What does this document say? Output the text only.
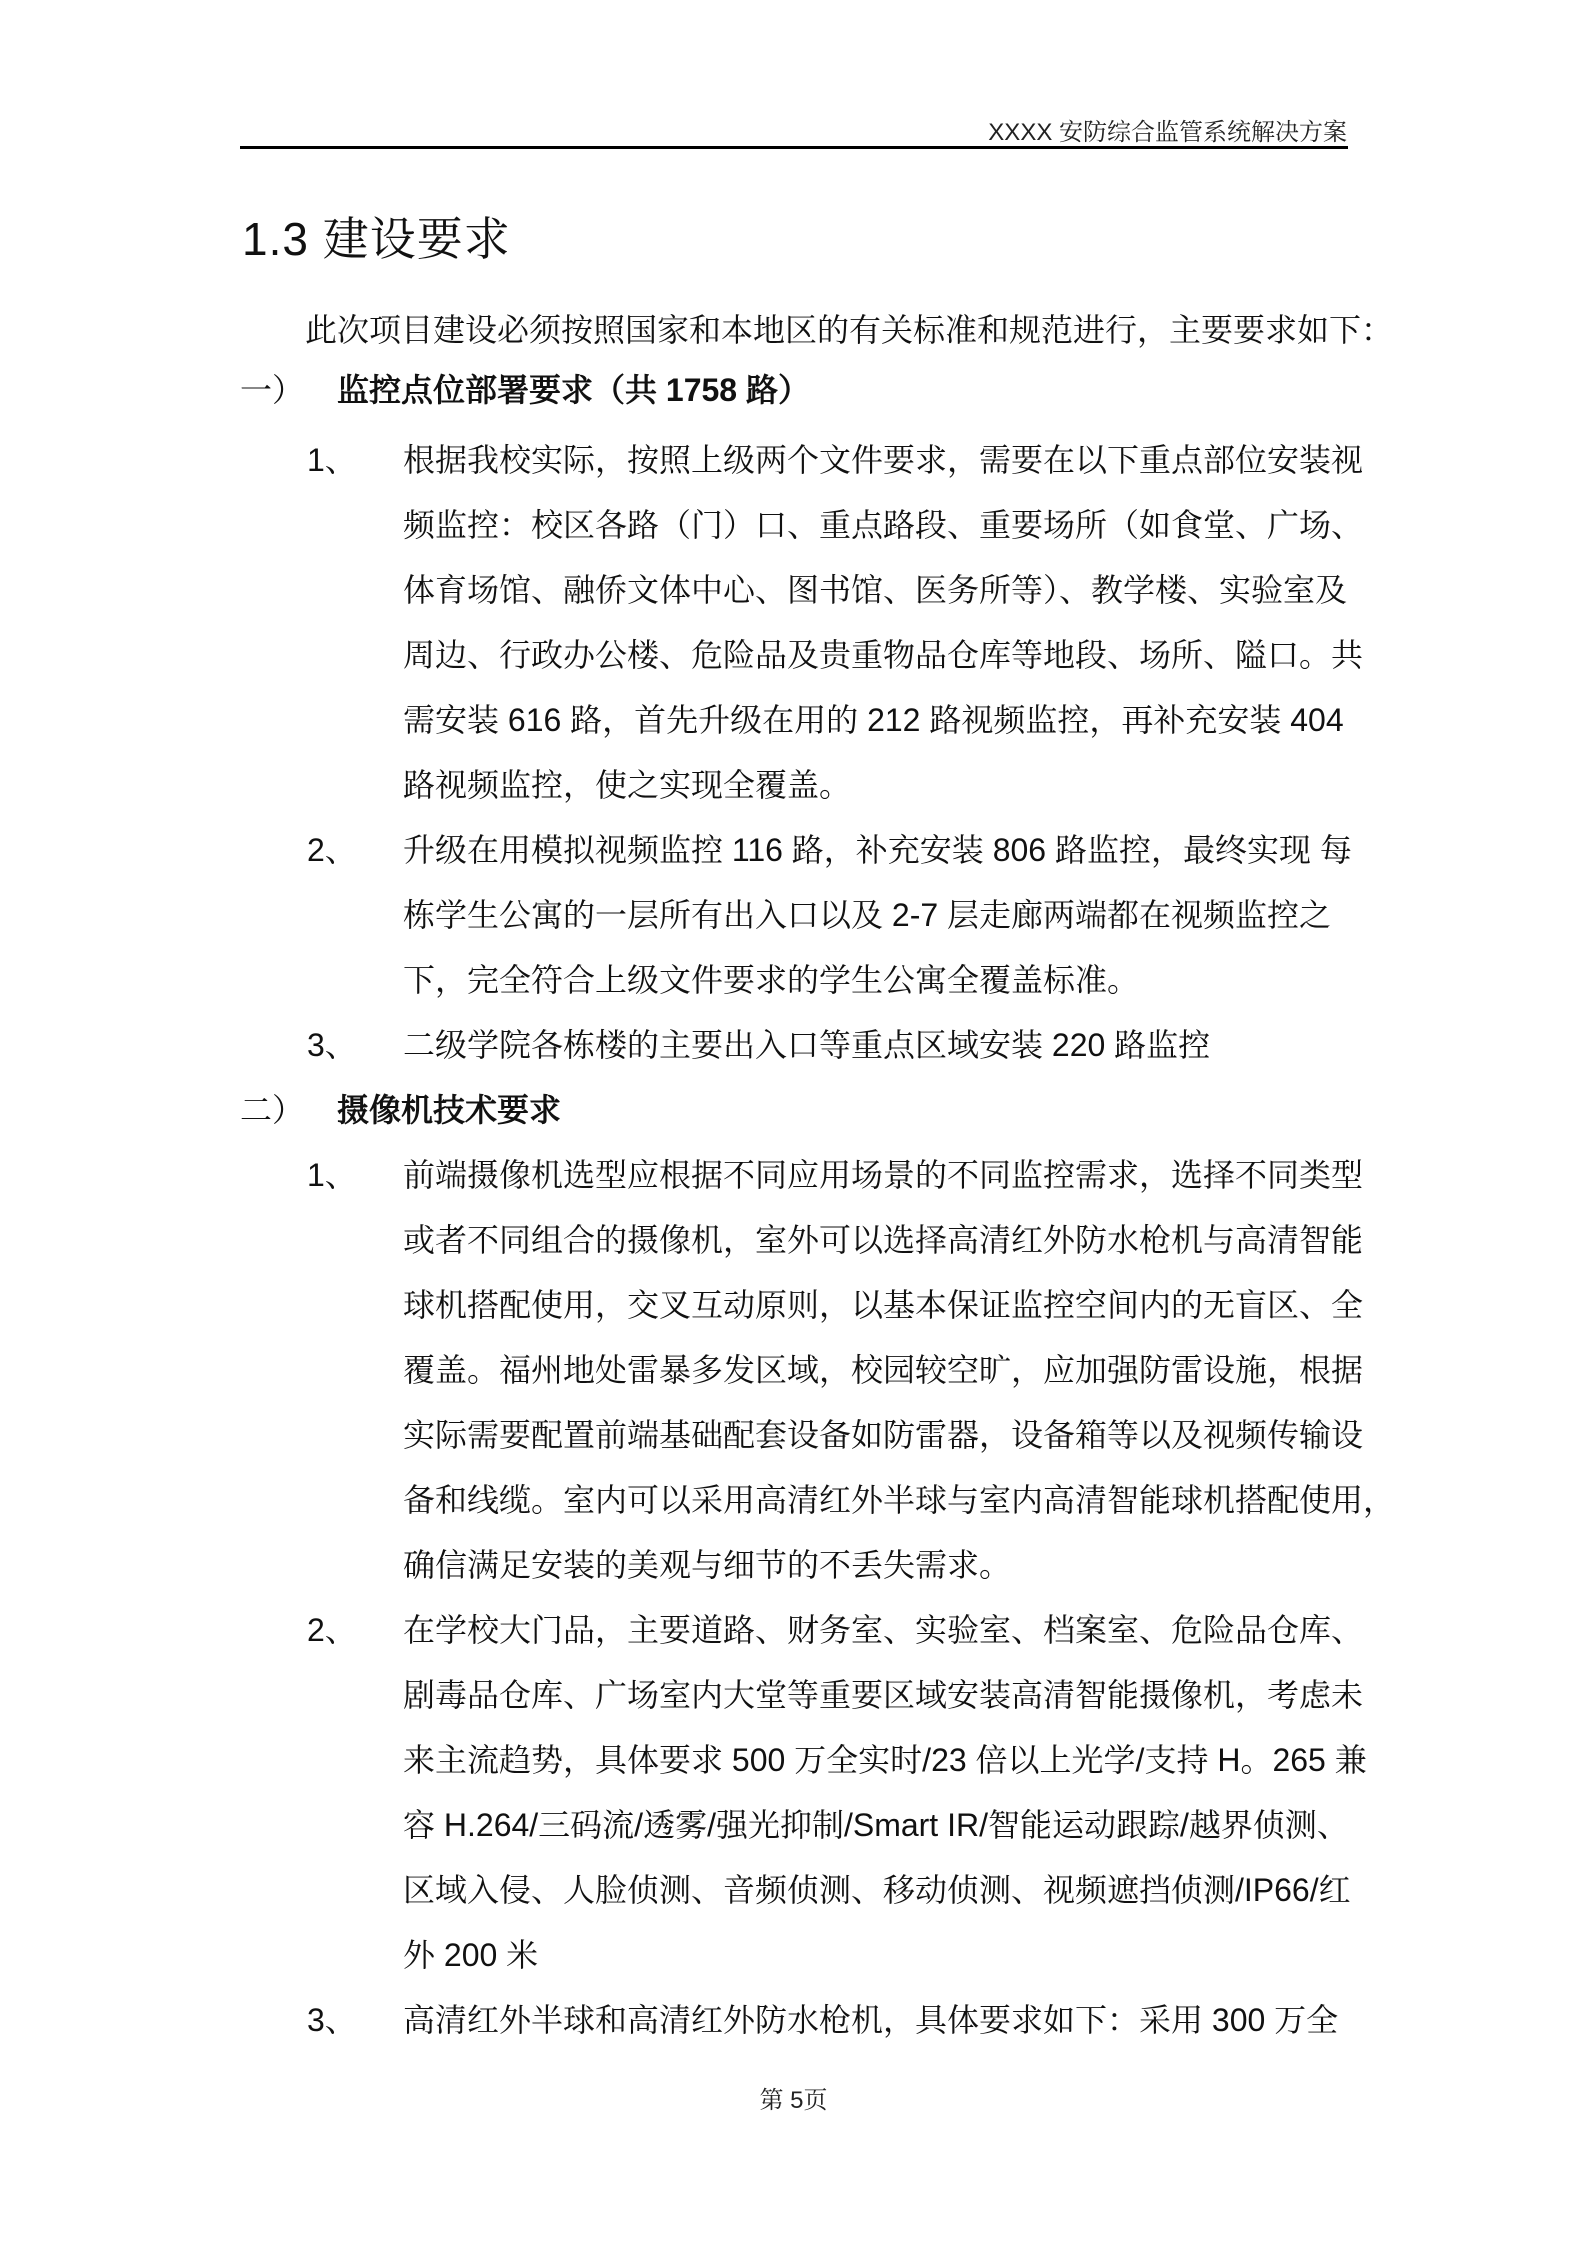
XXXX 安防综合监管系统解决方案
1.3 建设要求
此次项目建设必须按照国家和本地区的有关标准和规范进行，主要要求如下：
一） 监控点位部署要求（共 1758 路）
1、 根据我校实际，按照上级两个文件要求，需要在以下重点部位安装视
频监控：校区各路（门）口、重点路段、重要场所（如食堂、广场、
体育场馆、融侨文体中心、图书馆、医务所等）、教学楼、实验室及
周边、行政办公楼、危险品及贵重物品仓库等地段、场所、隘口。共
需安装 616 路，首先升级在用的 212 路视频监控，再补充安装 404
路视频监控，使之实现全覆盖。
2、 升级在用模拟视频监控 116 路，补充安装 806 路监控，最终实现 每
栋学生公寓的一层所有出入口以及 2-7 层走廊两端都在视频监控之
下，完全符合上级文件要求的学生公寓全覆盖标准。
3、 二级学院各栋楼的主要出入口等重点区域安装 220 路监控
二） 摄像机技术要求
1、 前端摄像机选型应根据不同应用场景的不同监控需求，选择不同类型
或者不同组合的摄像机，室外可以选择高清红外防水枪机与高清智能
球机搭配使用，交叉互动原则，以基本保证监控空间内的无盲区、全
覆盖。福州地处雷暴多发区域，校园较空旷，应加强防雷设施，根据
实际需要配置前端基础配套设备如防雷器，设备箱等以及视频传输设
备和线缆。室内可以采用高清红外半球与室内高清智能球机搭配使用，
确信满足安装的美观与细节的不丢失需求。
2、 在学校大门品，主要道路、财务室、实验室、档案室、危险品仓库、
剧毒品仓库、广场室内大堂等重要区域安装高清智能摄像机，考虑未
来主流趋势，具体要求 500 万全实时/23 倍以上光学/支持 H。265 兼
容 H.264/三码流/透雾/强光抑制/Smart IR/智能运动跟踪/越界侦测、
区域入侵、人脸侦测、音频侦测、移动侦测、视频遮挡侦测/IP66/红
外 200 米
3、 高清红外半球和高清红外防水枪机，具体要求如下：采用 300 万全
第 5页
